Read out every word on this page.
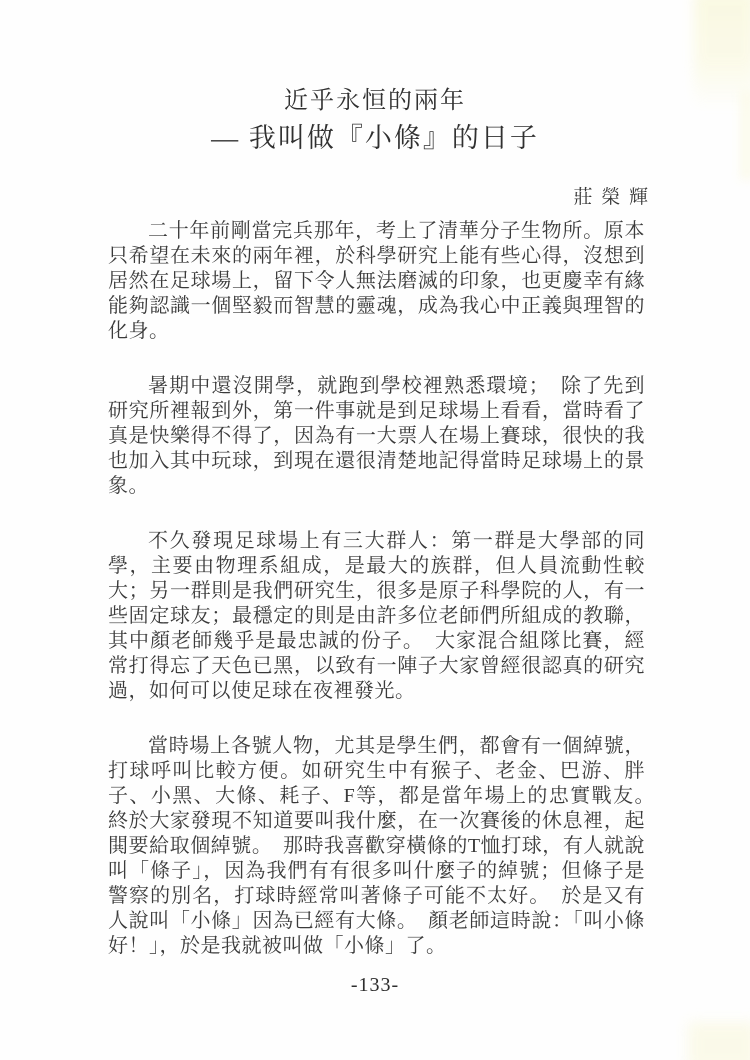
近乎永恒的兩年
— 我叫做『小條』的日子
莊 榮 輝

二十年前剛當完兵那年，考上了清華分子生物所。原本只希望在未來的兩年裡，於科學研究上能有些心得，沒想到居然在足球場上，留下令人無法磨滅的印象，也更慶幸有緣能夠認識一個堅毅而智慧的靈魂，成為我心中正義與理智的化身。

暑期中還沒開學，就跑到學校裡熟悉環境；　除了先到研究所裡報到外，第一件事就是到足球場上看看，當時看了真是快樂得不得了，因為有一大票人在場上賽球，很快的我也加入其中玩球，到現在還很清楚地記得當時足球場上的景象。

不久發現足球場上有三大群人：第一群是大學部的同學，主要由物理系組成，是最大的族群，但人員流動性較大；另一群則是我們研究生，很多是原子科學院的人，有一些固定球友；最穩定的則是由許多位老師們所組成的教聯，其中顏老師幾乎是最忠誠的份子。　大家混合組隊比賽，經常打得忘了天色已黑，以致有一陣子大家曾經很認真的研究過，如何可以使足球在夜裡發光。

當時場上各號人物，尤其是學生們，都會有一個綽號，打球呼叫比較方便。如研究生中有猴子、老金、巴游、胖子、小黑、大條、耗子、F等，都是當年場上的忠實戰友。　終於大家發現不知道要叫我什麼，在一次賽後的休息裡，起閧要給取個綽號。　那時我喜歡穿橫條的T恤打球，有人就說叫「條子」，因為我們有有很多叫什麼子的綽號；但條子是警察的別名，打球時經常叫著條子可能不太好。　於是又有人說叫「小條」因為已經有大條。　顏老師這時說：「叫小條好！」，於是我就被叫做「小條」了。

-133-
